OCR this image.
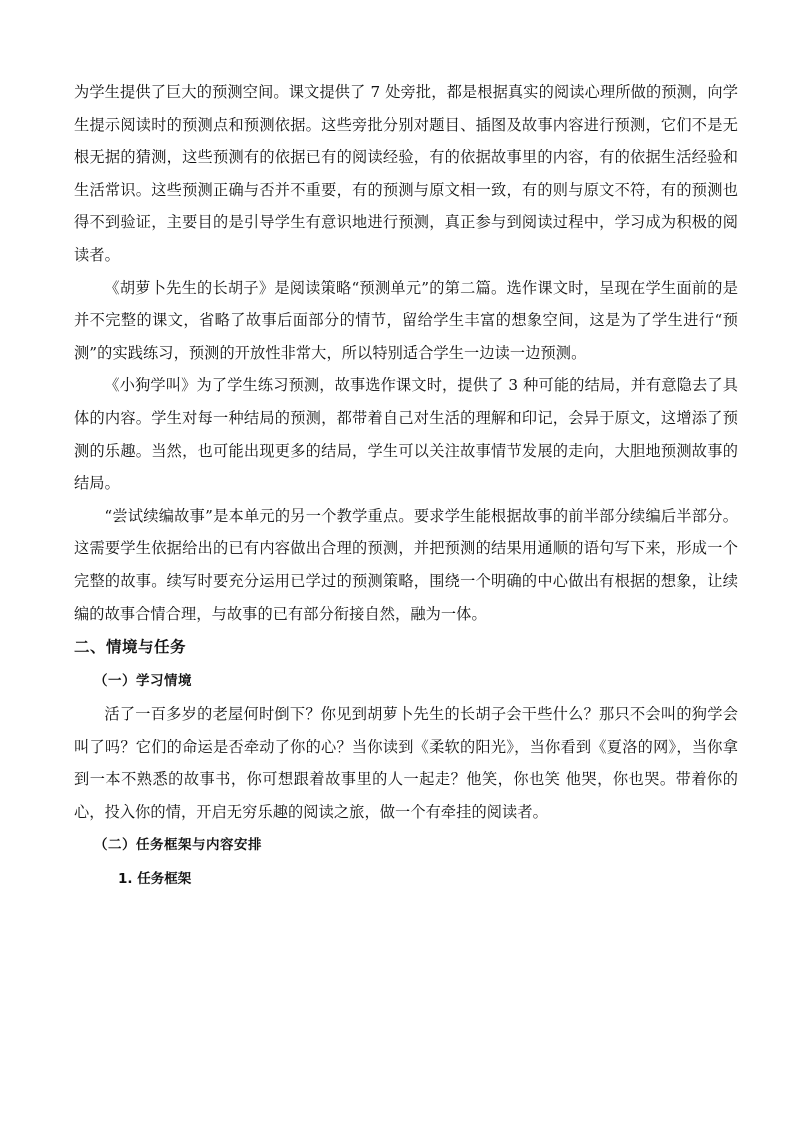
为学生提供了巨大的预测空间。课文提供了 7 处旁批，都是根据真实的阅读心理所做的预测，向学生提示阅读时的预测点和预测依据。这些旁批分别对题目、插图及故事内容进行预测，它们不是无根无据的猜测，这些预测有的依据已有的阅读经验，有的依据故事里的内容，有的依据生活经验和生活常识。这些预测正确与否并不重要，有的预测与原文相一致，有的则与原文不符，有的预测也得不到验证，主要目的是引导学生有意识地进行预测，真正参与到阅读过程中，学习成为积极的阅读者。

《胡萝卜先生的长胡子》是阅读策略“预测单元”的第二篇。选作课文时，呈现在学生面前的是并不完整的课文，省略了故事后面部分的情节，留给学生丰富的想象空间，这是为了学生进行“预测”的实践练习，预测的开放性非常大，所以特别适合学生一边读一边预测。

《小狗学叫》为了学生练习预测，故事选作课文时，提供了 3 种可能的结局，并有意隐去了具体的内容。学生对每一种结局的预测，都带着自己对生活的理解和印记，会异于原文，这增添了预测的乐趣。当然，也可能出现更多的结局，学生可以关注故事情节发展的走向，大胆地预测故事的结局。

“尝试续编故事”是本单元的另一个教学重点。要求学生能根据故事的前半部分续编后半部分。这需要学生依据给出的已有内容做出合理的预测，并把预测的结果用通顺的语句写下来，形成一个完整的故事。续写时要充分运用已学过的预测策略，围绕一个明确的中心做出有根据的想象，让续编的故事合情合理，与故事的已有部分衔接自然，融为一体。

二、情境与任务
（一）学习情境

活了一百多岁的老屋何时倒下？你见到胡萝卜先生的长胡子会干些什么？那只不会叫的狗学会叫了吗？它们的命运是否牵动了你的心？当你读到《柔软的阳光》，当你看到《夏洛的网》，当你拿到一本不熟悉的故事书，你可想跟着故事里的人一起走？他笑，你也笑 他哭，你也哭。带着你的心，投入你的情，开启无穷乐趣的阅读之旅，做一个有牵挂的阅读者。

（二）任务框架与内容安排
1. 任务框架
